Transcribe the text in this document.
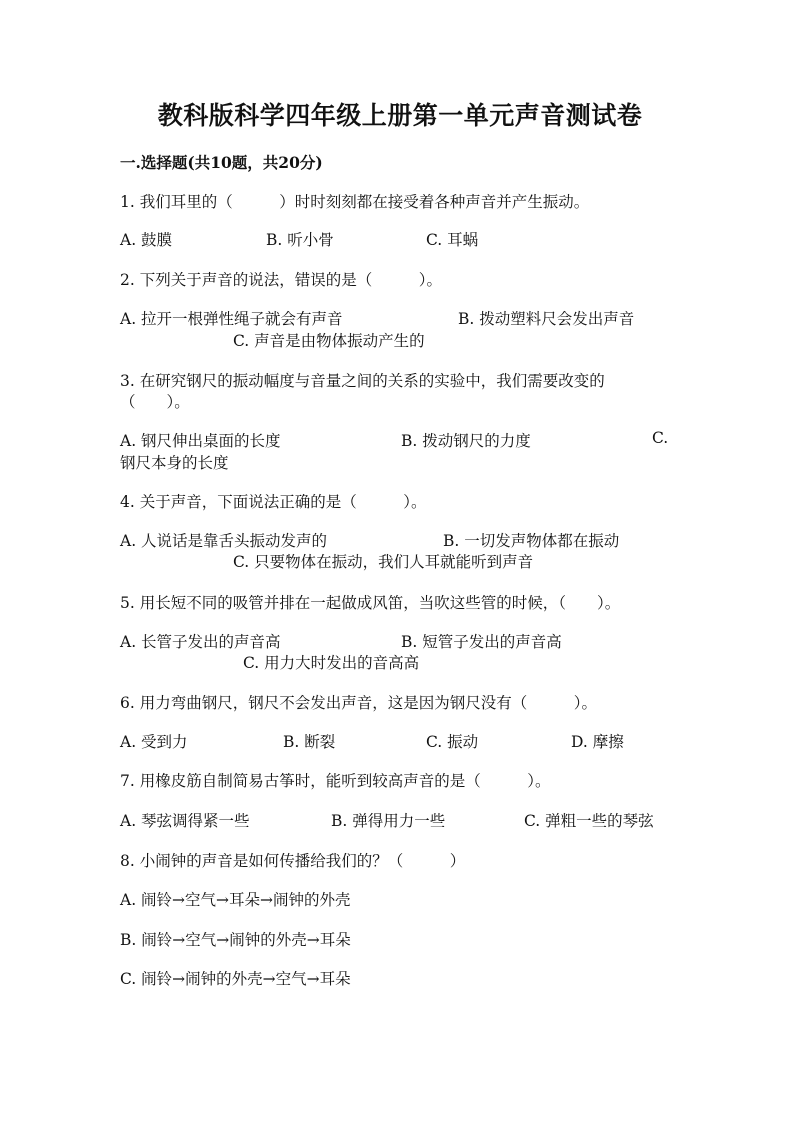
教科版科学四年级上册第一单元声音测试卷
一.选择题(共10题，共20分)
1. 我们耳里的（　　　）时时刻刻都在接受着各种声音并产生振动。
A. 鼓膜	B. 听小骨	C. 耳蜗
2. 下列关于声音的说法，错误的是（　　　）。
A. 拉开一根弹性绳子就会有声音	B. 拨动塑料尺会发出声音
C. 声音是由物体振动产生的
3. 在研究钢尺的振动幅度与音量之间的关系的实验中，我们需要改变的
（　　）。
A. 钢尺伸出桌面的长度	B. 拨动钢尺的力度	C.
钢尺本身的长度
4. 关于声音，下面说法正确的是（　　　）。
A. 人说话是靠舌头振动发声的	B. 一切发声物体都在振动
C. 只要物体在振动，我们人耳就能听到声音
5. 用长短不同的吸管并排在一起做成风笛，当吹这些管的时候，（　　）。
A. 长管子发出的声音高	B. 短管子发出的声音高
C. 用力大时发出的音高高
6. 用力弯曲钢尺，钢尺不会发出声音，这是因为钢尺没有（　　　）。
A. 受到力	B. 断裂	C. 振动	D. 摩擦
7. 用橡皮筋自制简易古筝时，能听到较高声音的是（　　　）。
A. 琴弦调得紧一些	B. 弹得用力一些	C. 弹粗一些的琴弦
8. 小闹钟的声音是如何传播给我们的？（　　　）
A. 闹铃→空气→耳朵→闹钟的外壳
B. 闹铃→空气→闹钟的外壳→耳朵
C. 闹铃→闹钟的外壳→空气→耳朵
